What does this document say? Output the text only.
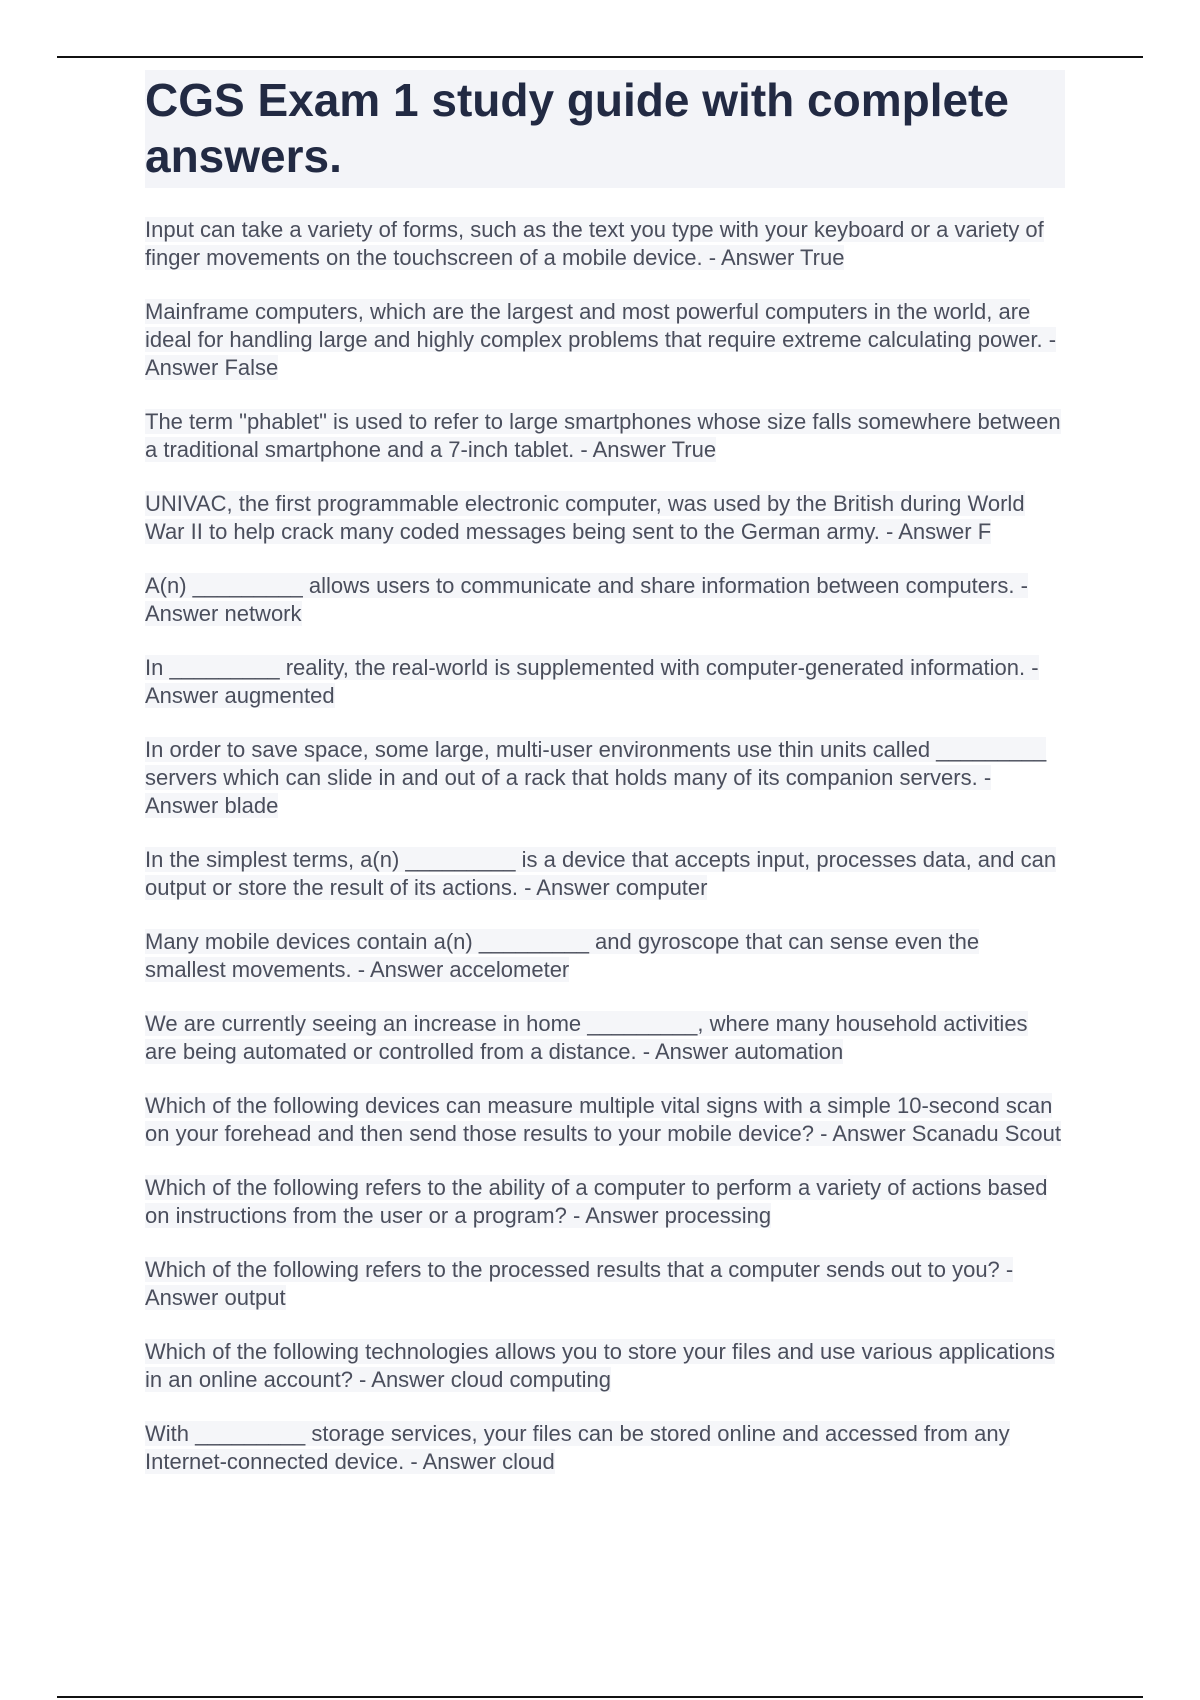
CGS Exam 1 study guide with complete answers.

Input can take a variety of forms, such as the text you type with your keyboard or a variety of finger movements on the touchscreen of a mobile device. - Answer True

Mainframe computers, which are the largest and most powerful computers in the world, are ideal for handling large and highly complex problems that require extreme calculating power. - Answer False

The term "phablet" is used to refer to large smartphones whose size falls somewhere between a traditional smartphone and a 7-inch tablet. - Answer True

UNIVAC, the first programmable electronic computer, was used by the British during World War II to help crack many coded messages being sent to the German army. - Answer F

A(n) _________ allows users to communicate and share information between computers. - Answer network

In _________ reality, the real-world is supplemented with computer-generated information. - Answer augmented

In order to save space, some large, multi-user environments use thin units called _________ servers which can slide in and out of a rack that holds many of its companion servers. - Answer blade

In the simplest terms, a(n) _________ is a device that accepts input, processes data, and can output or store the result of its actions. - Answer computer

Many mobile devices contain a(n) _________ and gyroscope that can sense even the smallest movements. - Answer accelometer

We are currently seeing an increase in home _________, where many household activities are being automated or controlled from a distance. - Answer automation

Which of the following devices can measure multiple vital signs with a simple 10-second scan on your forehead and then send those results to your mobile device? - Answer Scanadu Scout

Which of the following refers to the ability of a computer to perform a variety of actions based on instructions from the user or a program? - Answer processing

Which of the following refers to the processed results that a computer sends out to you? - Answer output

Which of the following technologies allows you to store your files and use various applications in an online account? - Answer cloud computing

With _________ storage services, your files can be stored online and accessed from any Internet-connected device. - Answer cloud
